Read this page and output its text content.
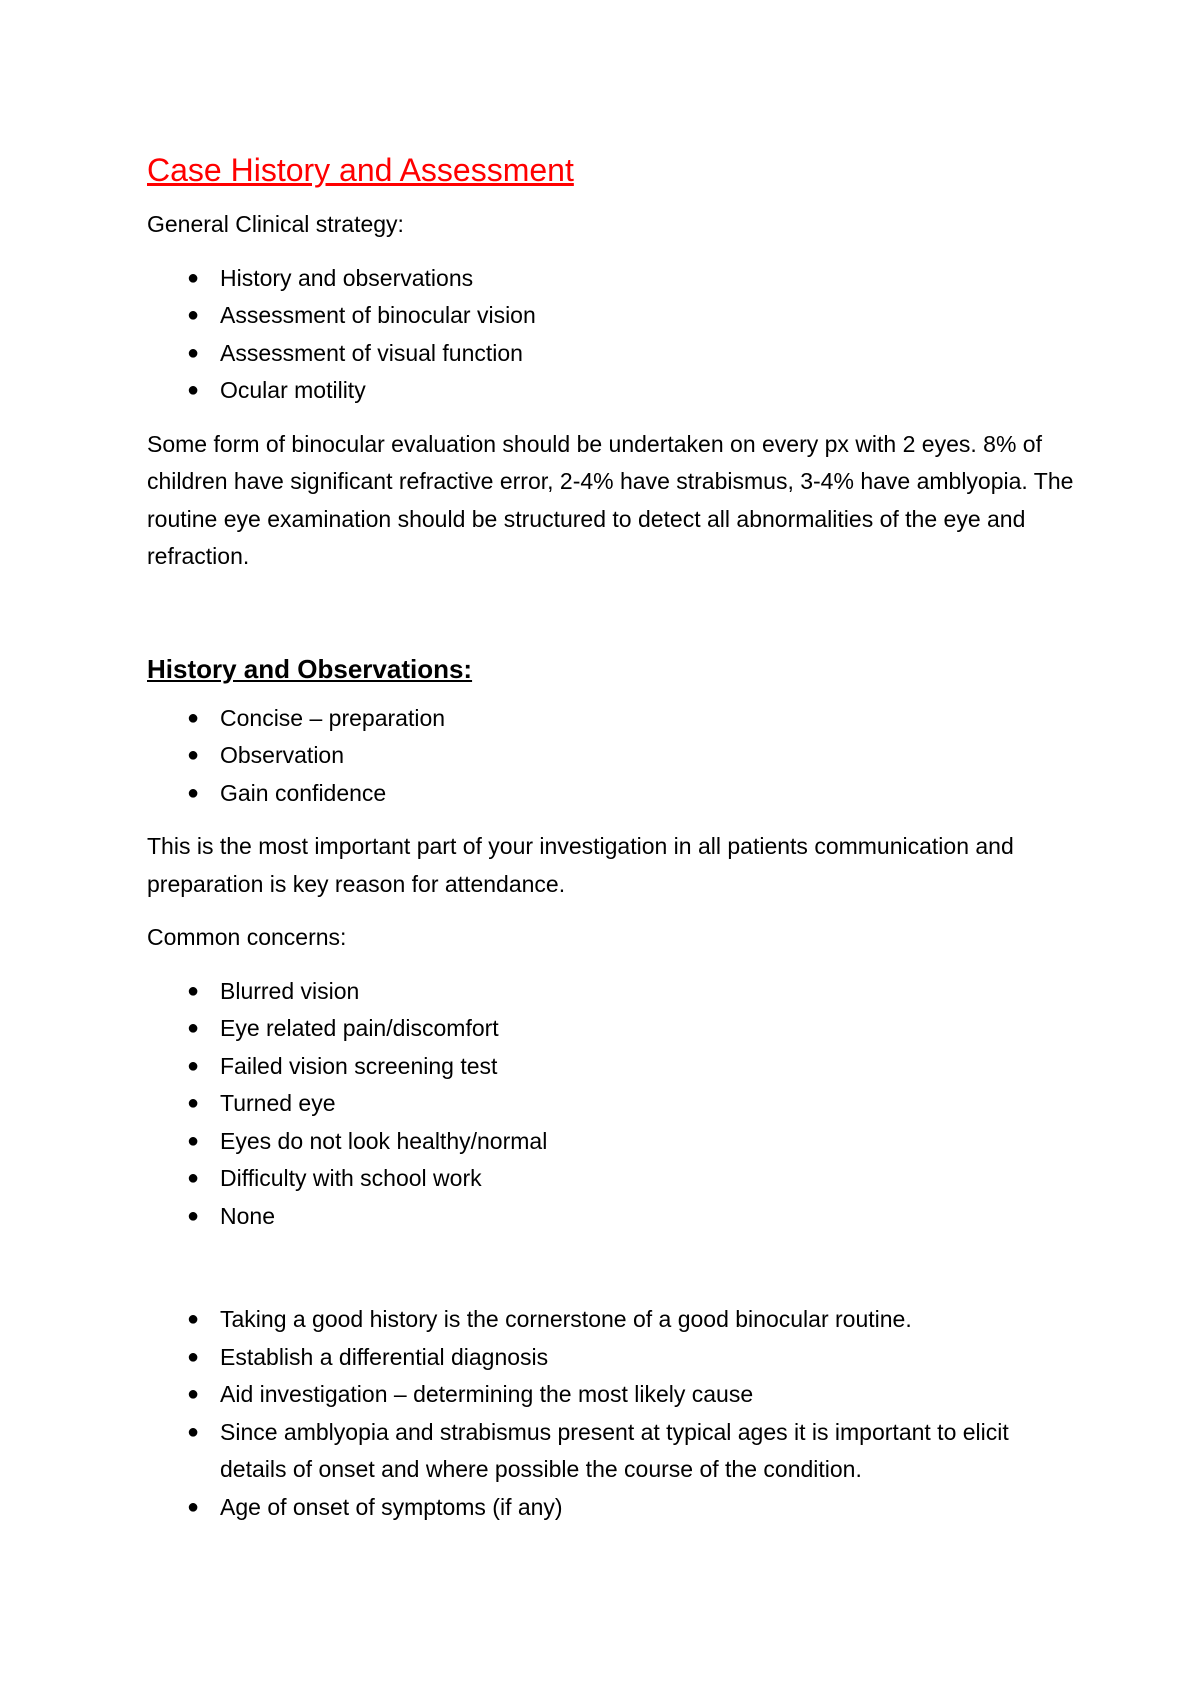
Case History and Assessment

General Clinical strategy:

● History and observations
● Assessment of binocular vision
● Assessment of visual function
● Ocular motility

Some form of binocular evaluation should be undertaken on every px with 2 eyes. 8% of children have significant refractive error, 2-4% have strabismus, 3-4% have amblyopia. The routine eye examination should be structured to detect all abnormalities of the eye and refraction.

History and Observations:
● Concise – preparation
● Observation
● Gain confidence

This is the most important part of your investigation in all patients communication and preparation is key reason for attendance.

Common concerns:

● Blurred vision
● Eye related pain/discomfort
● Failed vision screening test
● Turned eye
● Eyes do not look healthy/normal
● Difficulty with school work
● None
● Taking a good history is the cornerstone of a good binocular routine.
● Establish a differential diagnosis
● Aid investigation – determining the most likely cause
● Since amblyopia and strabismus present at typical ages it is important to elicit details of onset and where possible the course of the condition.
● Age of onset of symptoms (if any)
